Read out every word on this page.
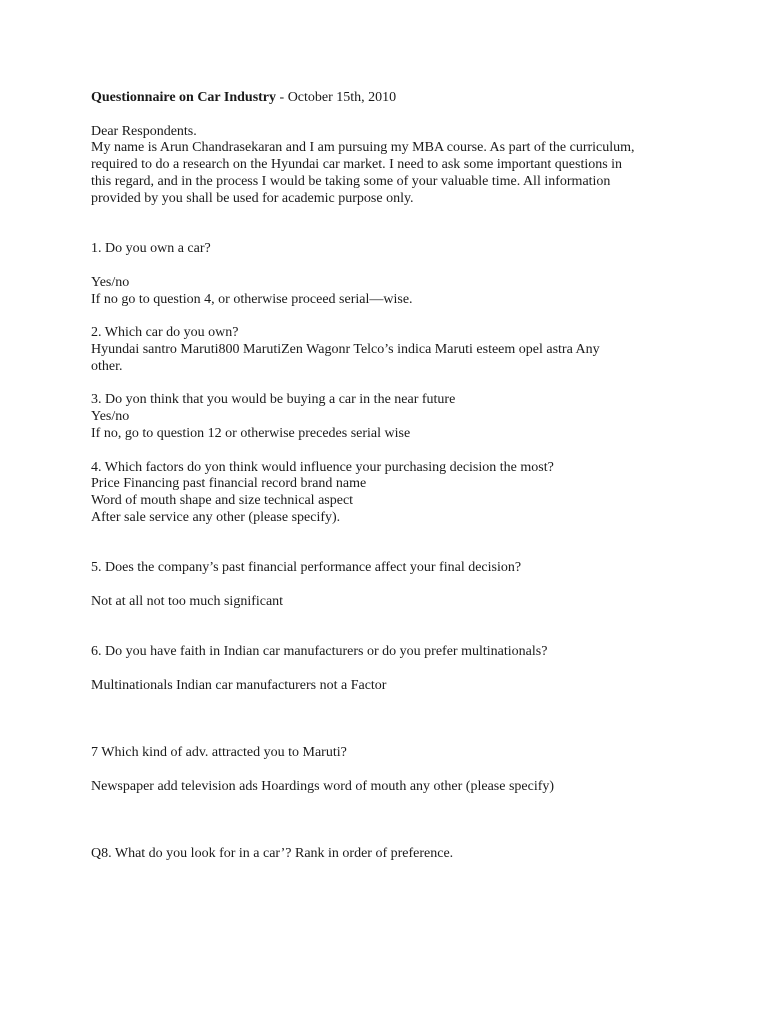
Questionnaire on Car Industry - October 15th, 2010
Dear Respondents.
My name is Arun Chandrasekaran and I am pursuing my MBA course. As part of the curriculum,
required to do a research on the Hyundai car market. I need to ask some important questions in
this regard, and in the process I would be taking some of your valuable time. All information
provided by you shall be used for academic purpose only.
1. Do you own a car?
Yes/no
If no go to question 4, or otherwise proceed serial—wise.
2. Which car do you own?
Hyundai santro Maruti800 MarutiZen Wagonr Telco’s indica Maruti esteem opel astra Any
other.
3. Do yon think that you would be buying a car in the near future
Yes/no
If no, go to question 12 or otherwise precedes serial wise
4. Which factors do yon think would influence your purchasing decision the most?
Price Financing past financial record brand name
Word of mouth shape and size technical aspect
After sale service any other (please specify).
5. Does the company’s past financial performance affect your final decision?
Not at all not too much significant
6. Do you have faith in Indian car manufacturers or do you prefer multinationals?
Multinationals Indian car manufacturers not a Factor
7 Which kind of adv. attracted you to Maruti?
Newspaper add television ads Hoardings word of mouth any other (please specify)
Q8. What do you look for in a car’? Rank in order of preference.
